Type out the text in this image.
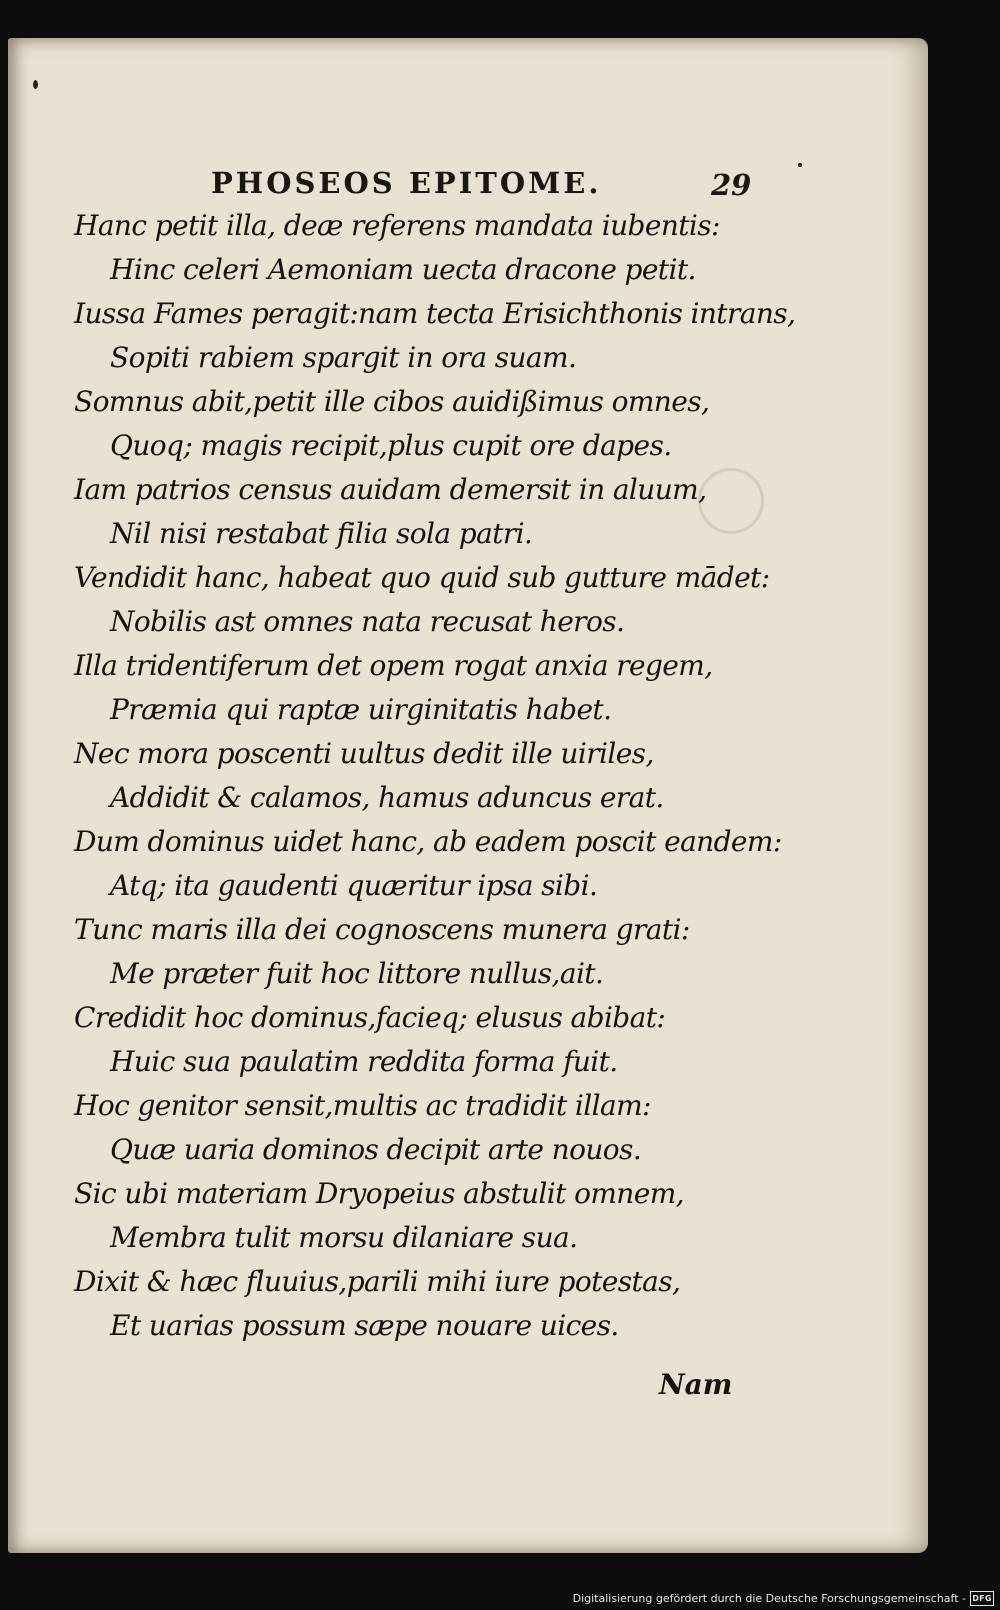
PHOSEOS EPITOME.	29
Hanc petit illa, deæ referens mandata iubentis:
Hinc celeri Aemoniam uecta dracone petit.
Iussa Fames peragit:nam tecta Erisichthonis intrans,
Sopiti rabiem spargit in ora suam.
Somnus abit,petit ille cibos auidißimus omnes,
Quoq; magis recipit,plus cupit ore dapes.
Iam patrios census auidam demersit in aluum,
Nil nisi restabat filia sola patri.
Vendidit hanc, habeat quo quid sub gutture mādet:
Nobilis ast omnes nata recusat heros.
Illa tridentiferum det opem rogat anxia regem,
Præmia qui raptæ uirginitatis habet.
Nec mora poscenti uultus dedit ille uiriles,
Addidit & calamos, hamus aduncus erat.
Dum dominus uidet hanc, ab eadem poscit eandem:
Atq; ita gaudenti quæritur ipsa sibi.
Tunc maris illa dei cognoscens munera grati:
Me præter fuit hoc littore nullus,ait.
Credidit hoc dominus,facieq; elusus abibat:
Huic sua paulatim reddita forma fuit.
Hoc genitor sensit,multis ac tradidit illam:
Quæ uaria dominos decipit arte nouos.
Sic ubi materiam Dryopeius abstulit omnem,
Membra tulit morsu dilaniare sua.
Dixit & hæc fluuius,parili mihi iure potestas,
Et uarias possum sæpe nouare uices.
Nam
Digitalisierung gefördert durch die Deutsche Forschungsgemeinschaft - DFG
